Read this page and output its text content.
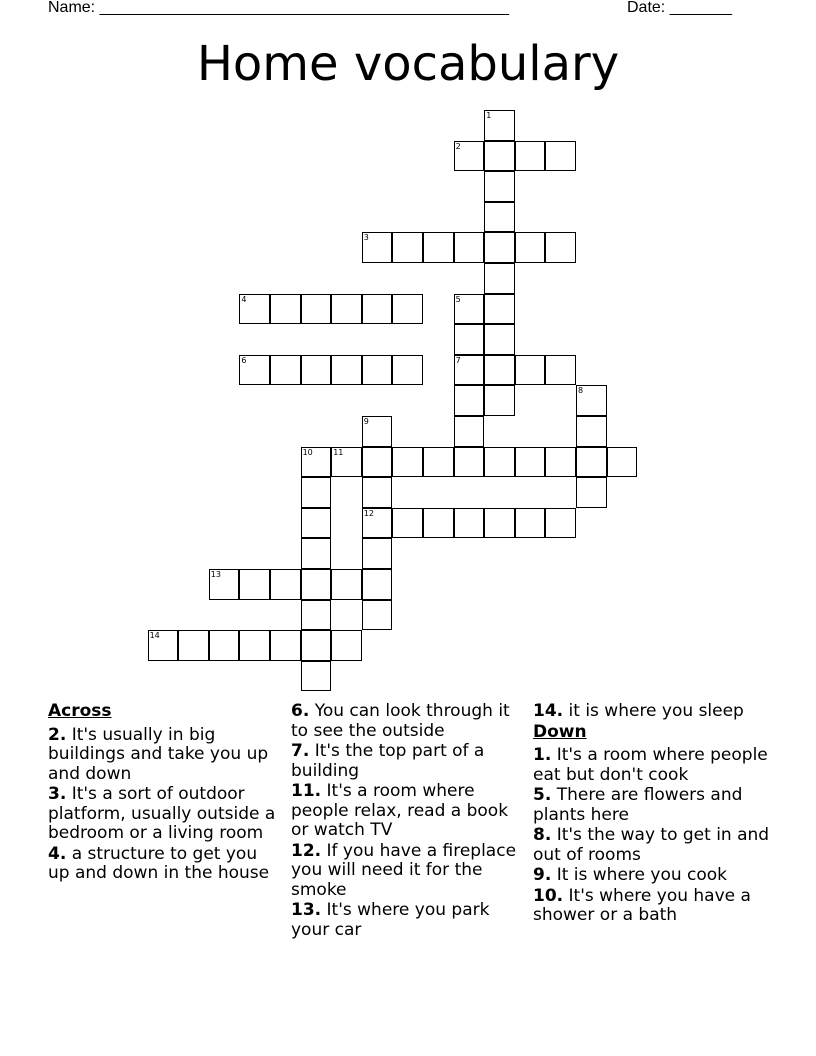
Name: ______________________________________________	Date: _______
Home vocabulary
1
2
3
4	5
6	7
8
9
10	11
12
13
14
Across
2. It's usually in big buildings and take you up and down
3. It's a sort of outdoor platform, usually outside a bedroom or a living room
4. a structure to get you up and down in the house
6. You can look through it to see the outside
7. It's the top part of a building
11. It's a room where people relax, read a book or watch TV
12. If you have a fireplace you will need it for the smoke
13. It's where you park your car
14. it is where you sleep
Down
1. It's a room where people eat but don't cook
5. There are flowers and plants here
8. It's the way to get in and out of rooms
9. It is where you cook
10. It's where you have a shower or a bath
